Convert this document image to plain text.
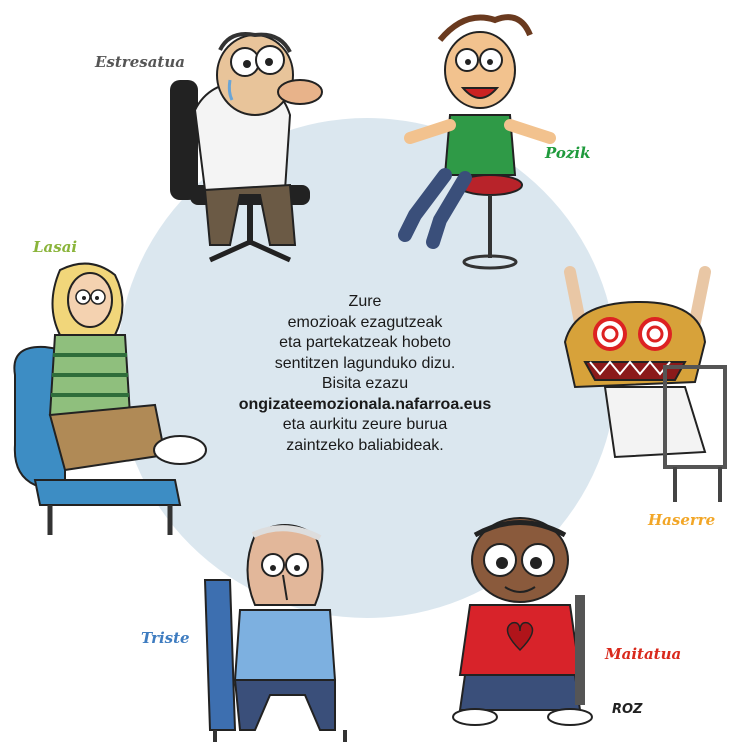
Estresatua
Pozik
Lasai
Haserre
Triste
Maitatua
Zure
emozioak ezagutzeak
eta partekatzeak hobeto
sentitzen lagunduko dizu.
Bisita ezazu
ongizateemozionala.nafarroa.eus
eta aurkitu zeure burua
zaintzeko baliabideak.
ROZ
